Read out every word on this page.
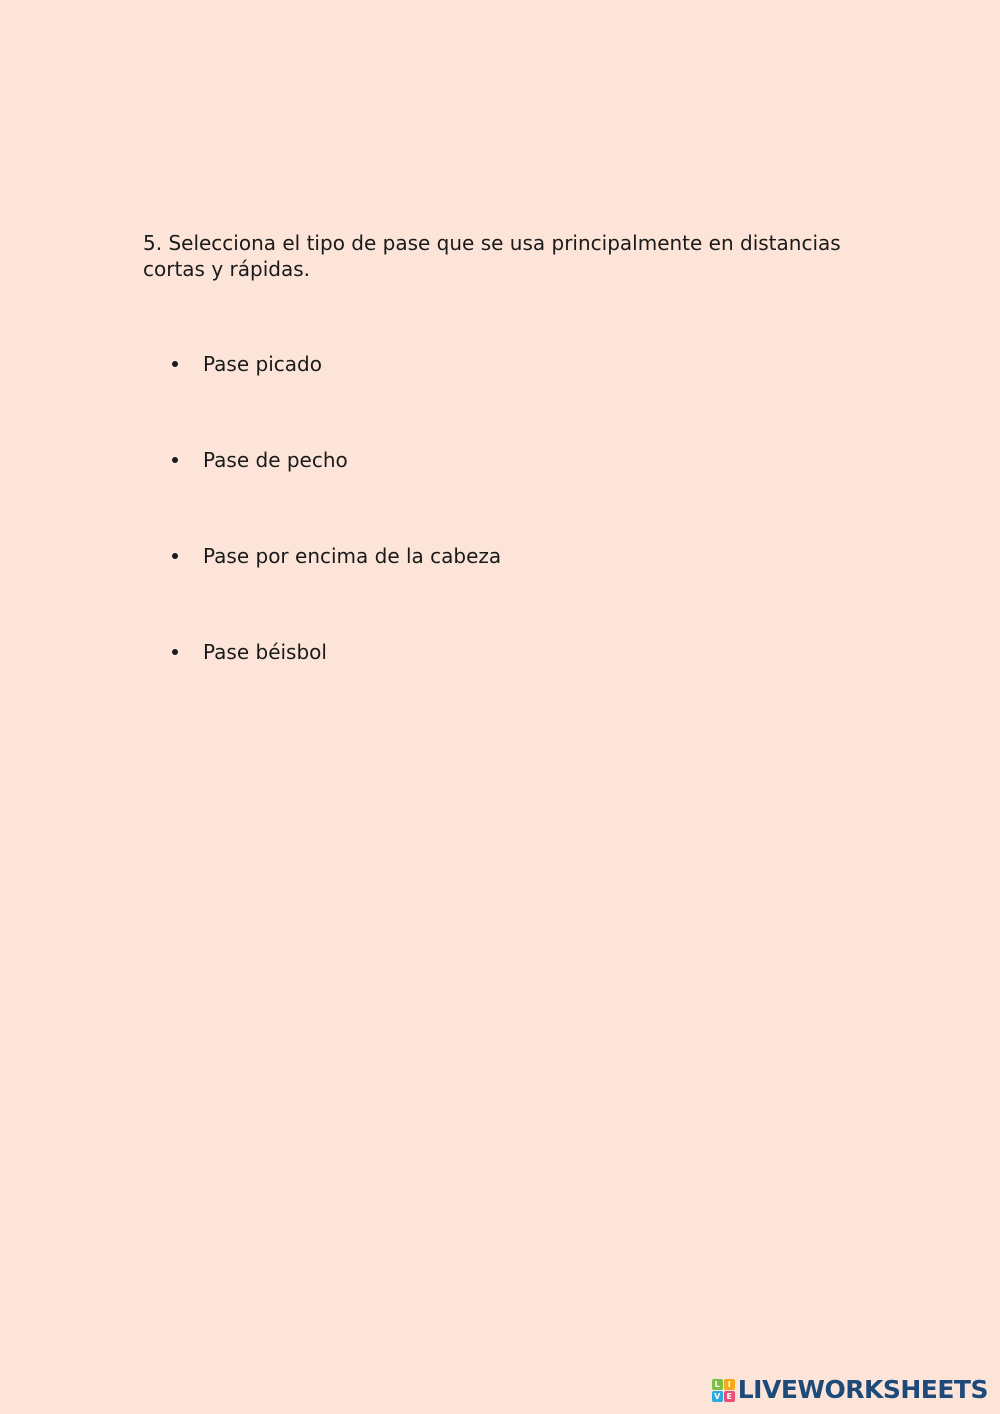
5. Selecciona el tipo de pase que se usa principalmente en distancias cortas y rápidas.

Pase picado
Pase de pecho
Pase por encima de la cabeza
Pase béisbol
L I
V E LIVEWORKSHEETS
